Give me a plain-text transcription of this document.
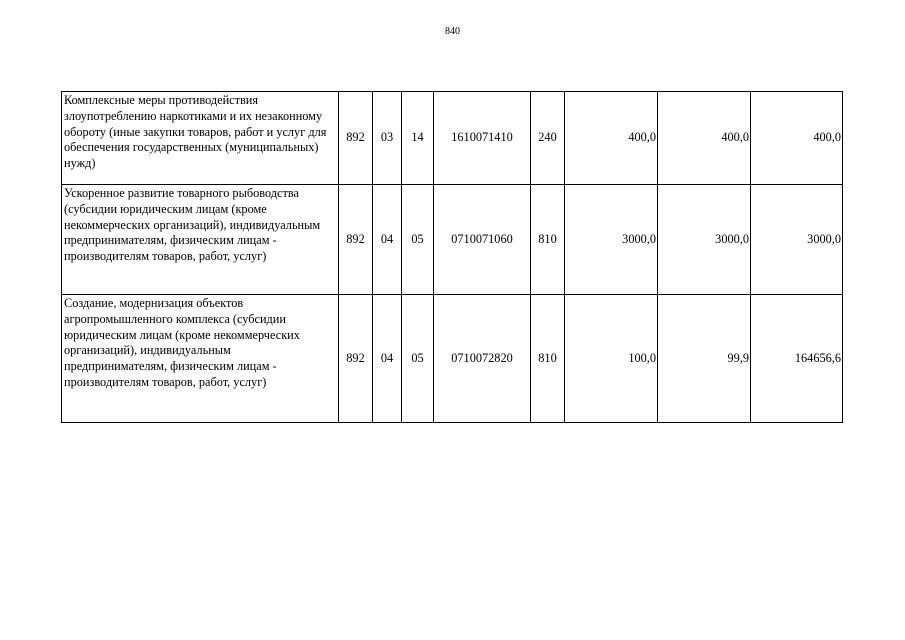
840
Комплексные меры противодействия злоупотреблению наркотиками и их незаконному обороту (иные закупки товаров, работ и услуг для обеспечения государственных (муниципальных) нужд)	892	03	14	1610071410	240	400,0	400,0	400,0
Ускоренное развитие товарного рыбоводства (субсидии юридическим лицам (кроме некоммерческих организаций), индивидуальным предпринимателям, физическим лицам - производителям товаров, работ, услуг)	892	04	05	0710071060	810	3000,0	3000,0	3000,0
Создание, модернизация объектов агропромышленного комплекса (субсидии юридическим лицам (кроме некоммерческих организаций), индивидуальным предпринимателям, физическим лицам - производителям товаров, работ, услуг)	892	04	05	0710072820	810	100,0	99,9	164656,6
